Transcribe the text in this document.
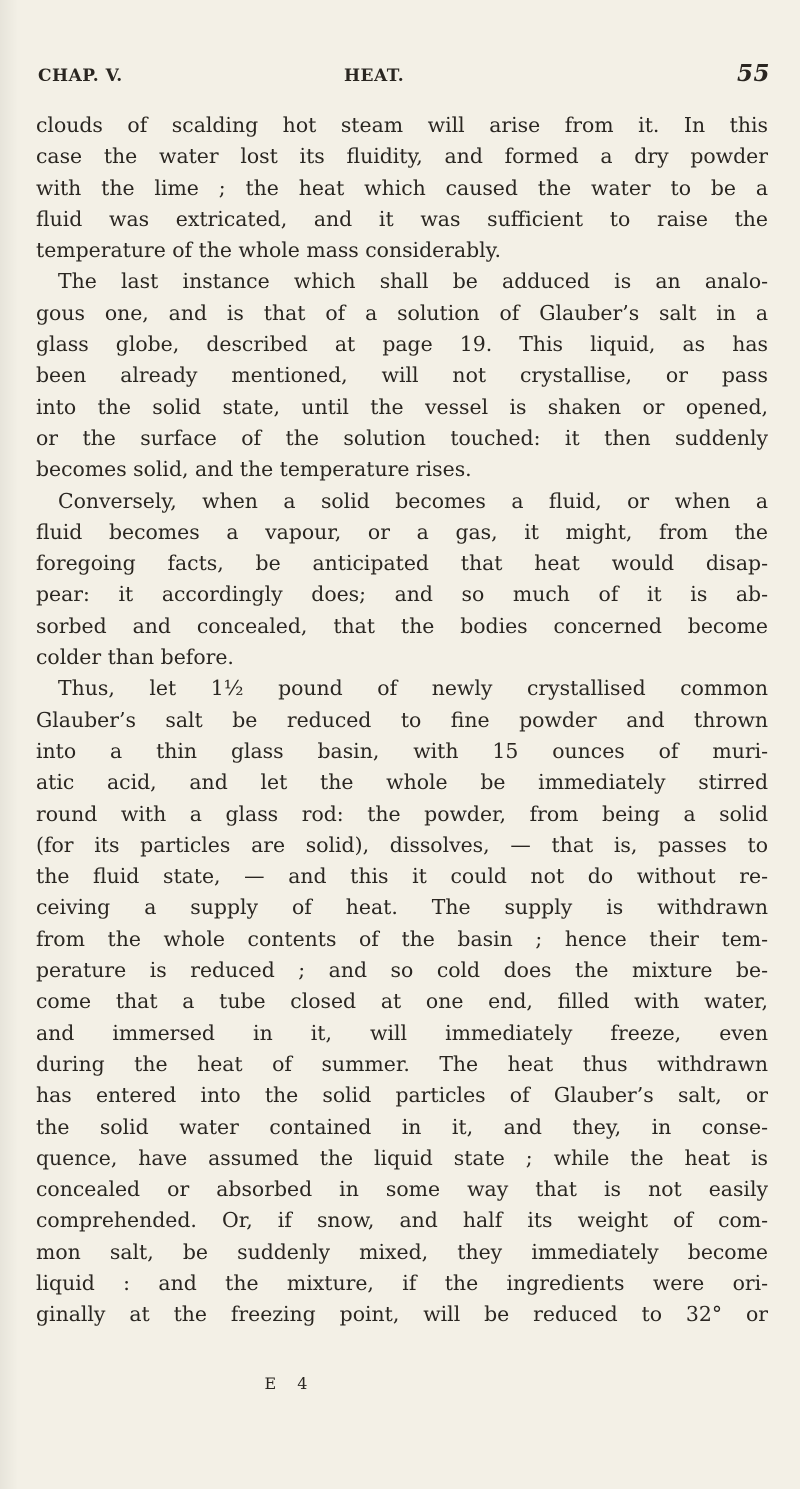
CHAP. V.	HEAT.	55
clouds of scalding hot steam will arise from it. In this
case the water lost its fluidity, and formed a dry powder
with the lime ; the heat which caused the water to be a
fluid was extricated, and it was sufficient to raise the
temperature of the whole mass considerably.
The last instance which shall be adduced is an analo-
gous one, and is that of a solution of Glauber’s salt in a
glass globe, described at page 19. This liquid, as has
been already mentioned, will not crystallise, or pass
into the solid state, until the vessel is shaken or opened,
or the surface of the solution touched: it then suddenly
becomes solid, and the temperature rises.
Conversely, when a solid becomes a fluid, or when a
fluid becomes a vapour, or a gas, it might, from the
foregoing facts, be anticipated that heat would disap-
pear: it accordingly does; and so much of it is ab-
sorbed and concealed, that the bodies concerned become
colder than before.
Thus, let 1½ pound of newly crystallised common
Glauber’s salt be reduced to fine powder and thrown
into a thin glass basin, with 15 ounces of muri-
atic acid, and let the whole be immediately stirred
round with a glass rod: the powder, from being a solid
(for its particles are solid), dissolves, — that is, passes to
the fluid state, — and this it could not do without re-
ceiving a supply of heat. The supply is withdrawn
from the whole contents of the basin ; hence their tem-
perature is reduced ; and so cold does the mixture be-
come that a tube closed at one end, filled with water,
and immersed in it, will immediately freeze, even
during the heat of summer. The heat thus withdrawn
has entered into the solid particles of Glauber’s salt, or
the solid water contained in it, and they, in conse-
quence, have assumed the liquid state ; while the heat is
concealed or absorbed in some way that is not easily
comprehended. Or, if snow, and half its weight of com-
mon salt, be suddenly mixed, they immediately become
liquid : and the mixture, if the ingredients were ori-
ginally at the freezing point, will be reduced to 32° or
E 4
